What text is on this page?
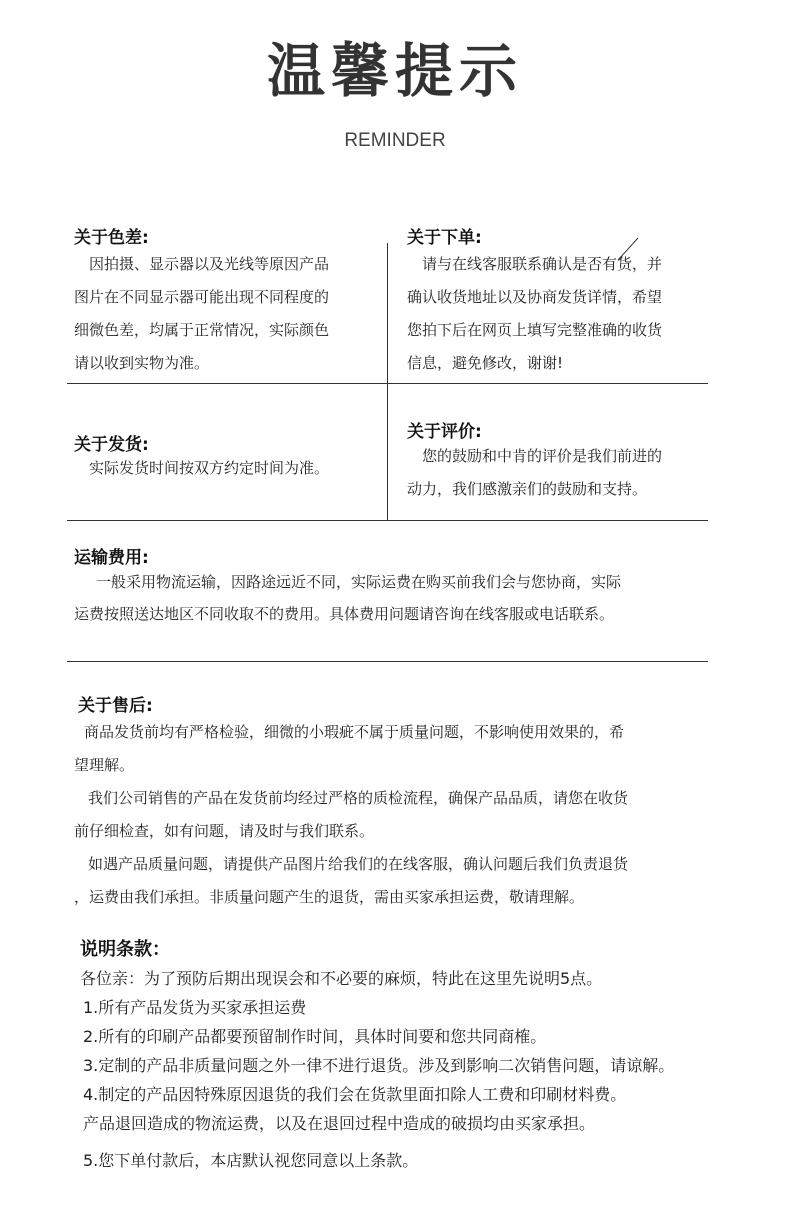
温馨提示
REMINDER
关于色差:

因拍摄、显示器以及光线等原因产品

图片在不同显示器可能出现不同程度的

细微色差，均属于正常情况，实际颜色

请以收到实物为准。

关于下单:

请与在线客服联系确认是否有货，并

确认收货地址以及协商发货详情，希望

您拍下后在网页上填写完整准确的收货

信息，避免修改，谢谢!

关于发货:

实际发货时间按双方约定时间为准。

关于评价:

您的鼓励和中肯的评价是我们前进的

动力，我们感激亲们的鼓励和支持。

运输费用:

一般采用物流运输，因路途远近不同，实际运费在购买前我们会与您协商，实际

运费按照送达地区不同收取不的费用。具体费用问题请咨询在线客服或电话联系。

关于售后:

商品发货前均有严格检验，细微的小瑕疵不属于质量问题，不影响使用效果的，希

望理解。

我们公司销售的产品在发货前均经过严格的质检流程，确保产品品质，请您在收货

前仔细检查，如有问题，请及时与我们联系。

如遇产品质量问题，请提供产品图片给我们的在线客服，确认问题后我们负责退货

，运费由我们承担。非质量问题产生的退货，需由买家承担运费，敬请理解。

说明条款：

各位亲：为了预防后期出现误会和不必要的麻烦，特此在这里先说明5点。

1.所有产品发货为买家承担运费

2.所有的印刷产品都要预留制作时间，具体时间要和您共同商榷。

3.定制的产品非质量问题之外一律不进行退货。涉及到影响二次销售问题，请谅解。

4.制定的产品因特殊原因退货的我们会在货款里面扣除人工费和印刷材料费。

产品退回造成的物流运费，以及在退回过程中造成的破损均由买家承担。

5.您下单付款后，本店默认视您同意以上条款。
